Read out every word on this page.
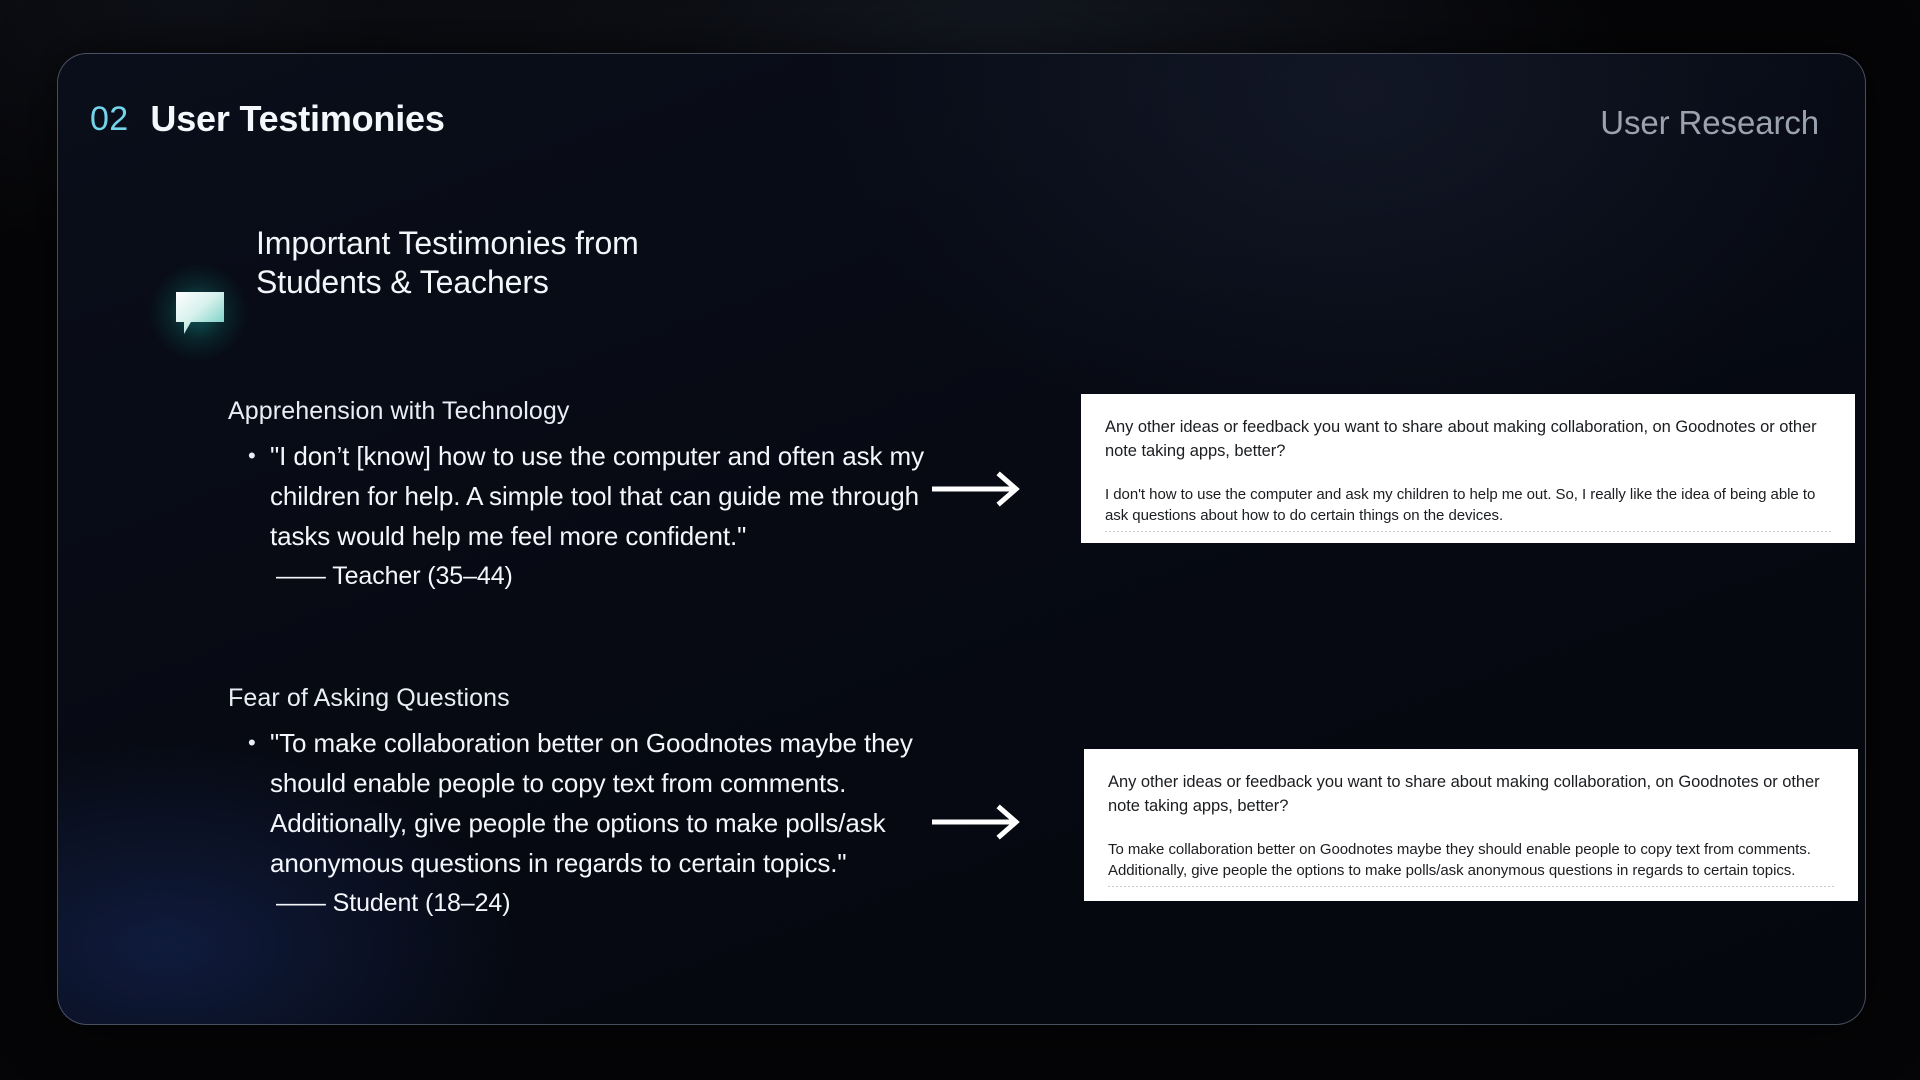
02 User Testimonies	User Research
Important Testimonies from
Students & Teachers
Apprehension with Technology
• "I don’t [know] how to use the computer and often ask my children for help. A simple tool that can guide me through tasks would help me feel more confident."
—— Teacher (35–44)
Fear of Asking Questions
• "To make collaboration better on Goodnotes maybe they should enable people to copy text from comments. Additionally, give people the options to make polls/ask anonymous questions in regards to certain topics."
—— Student (18–24)
Any other ideas or feedback you want to share about making collaboration, on Goodnotes or other note taking apps, better?
I don't how to use the computer and ask my children to help me out. So, I really like the idea of being able to ask questions about how to do certain things on the devices.
Any other ideas or feedback you want to share about making collaboration, on Goodnotes or other note taking apps, better?
To make collaboration better on Goodnotes maybe they should enable people to copy text from comments. Additionally, give people the options to make polls/ask anonymous questions in regards to certain topics.
